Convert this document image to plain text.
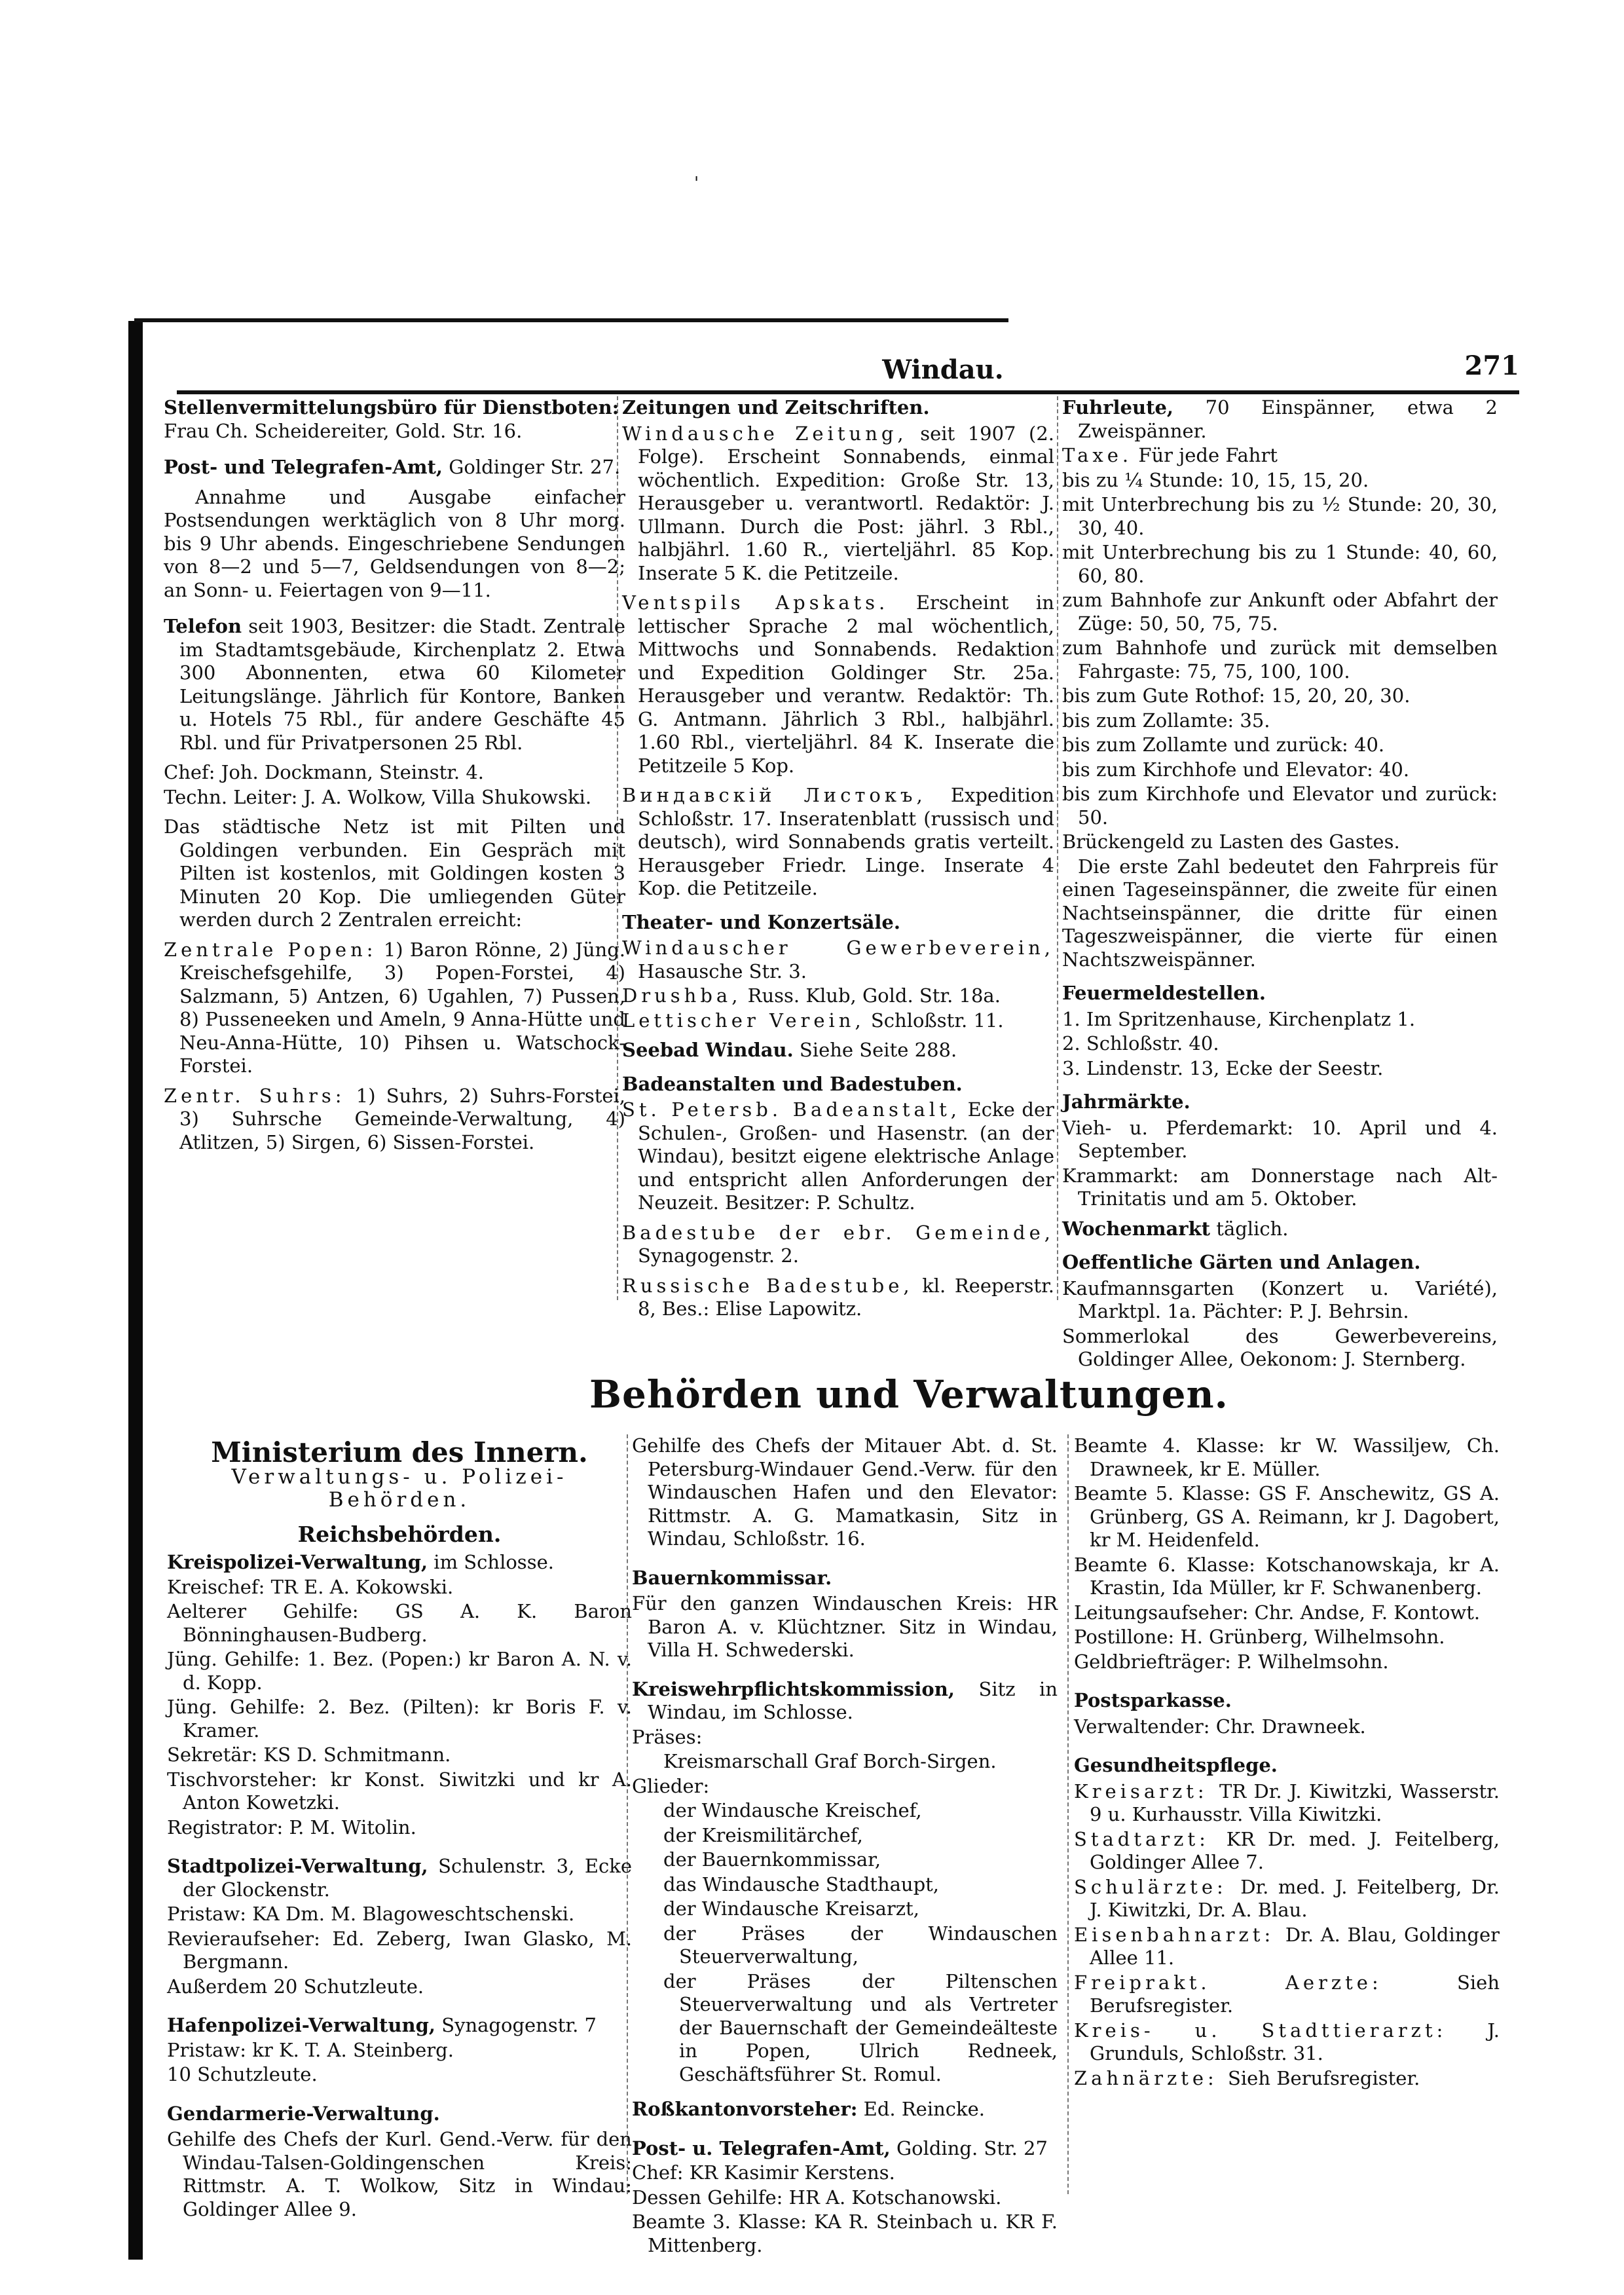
'
Windau.	271
Stellenvermittelungsbüro für Dienstboten:
Frau Ch. Scheidereiter, Gold. Str. 16.
Post- und Telegrafen-Amt, Goldinger Str. 27.
Annahme und Ausgabe einfacher Postsendungen werktäglich von 8 Uhr morg. bis 9 Uhr abends. Eingeschriebene Sendungen von 8—2 und 5—7, Geldsendungen von 8—2; an Sonn- u. Feiertagen von 9—11.
Telefon seit 1903, Besitzer: die Stadt. Zentrale im Stadtamtsgebäude, Kirchenplatz 2. Etwa 300 Abonnenten, etwa 60 Kilometer Leitungslänge. Jährlich für Kontore, Banken u. Hotels 75 Rbl., für andere Geschäfte 45 Rbl. und für Privatpersonen 25 Rbl.
Chef: Joh. Dockmann, Steinstr. 4.
Techn. Leiter: J. A. Wolkow, Villa Shukowski.
Das städtische Netz ist mit Pilten und Goldingen verbunden. Ein Gespräch mit Pilten ist kostenlos, mit Goldingen kosten 3 Minuten 20 Kop. Die umliegenden Güter werden durch 2 Zentralen erreicht:
Zentrale Popen: 1) Baron Rönne, 2) Jüng. Kreischefsgehilfe, 3) Popen-Forstei, 4) Salzmann, 5) Antzen, 6) Ugahlen, 7) Pussen, 8) Pusseneeken und Ameln, 9 Anna-Hütte und Neu-Anna-Hütte, 10) Pihsen u. Watschock-Forstei.
Zentr. Suhrs: 1) Suhrs, 2) Suhrs-Forstei, 3) Suhrsche Gemeinde-Verwaltung, 4) Atlitzen, 5) Sirgen, 6) Sissen-Forstei.
Zeitungen und Zeitschriften.
Windausche Zeitung, seit 1907 (2. Folge). Erscheint Sonnabends, einmal wöchentlich. Expedition: Große Str. 13, Herausgeber u. verantwortl. Redaktör: J. Ullmann. Durch die Post: jährl. 3 Rbl., halbjährl. 1.60 R., vierteljährl. 85 Kop. Inserate 5 K. die Petitzeile.
Ventspils Apskats. Erscheint in lettischer Sprache 2 mal wöchentlich, Mittwochs und Sonnabends. Redaktion und Expedition Goldinger Str. 25a. Herausgeber und verantw. Redaktör: Th. G. Antmann. Jährlich 3 Rbl., halbjährl. 1.60 Rbl., vierteljährl. 84 K. Inserate die Petitzeile 5 Kop.
Виндавскiй Листокъ, Expedition Schloßstr. 17. Inseratenblatt (russisch und deutsch), wird Sonnabends gratis verteilt. Herausgeber Friedr. Linge. Inserate 4 Kop. die Petitzeile.
Theater- und Konzertsäle.
Windauscher Gewerbeverein, Hasausche Str. 3.
Drushba, Russ. Klub, Gold. Str. 18a.
Lettischer Verein, Schloßstr. 11.
Seebad Windau. Siehe Seite 288.
Badeanstalten und Badestuben.
St. Petersb. Badeanstalt, Ecke der Schulen-, Großen- und Hasenstr. (an der Windau), besitzt eigene elektrische Anlage und entspricht allen Anforderungen der Neuzeit. Besitzer: P. Schultz.
Badestube der ebr. Gemeinde, Synagogenstr. 2.
Russische Badestube, kl. Reeperstr. 8, Bes.: Elise Lapowitz.
Fuhrleute, 70 Einspänner, etwa 2 Zweispänner.
Taxe. Für jede Fahrt
bis zu ¼ Stunde: 10, 15, 15, 20.
mit Unterbrechung bis zu ½ Stunde: 20, 30, 30, 40.
mit Unterbrechung bis zu 1 Stunde: 40, 60, 60, 80.
zum Bahnhofe zur Ankunft oder Abfahrt der Züge: 50, 50, 75, 75.
zum Bahnhofe und zurück mit demselben Fahrgaste: 75, 75, 100, 100.
bis zum Gute Rothof: 15, 20, 20, 30.
bis zum Zollamte: 35.
bis zum Zollamte und zurück: 40.
bis zum Kirchhofe und Elevator: 40.
bis zum Kirchhofe und Elevator und zurück: 50.
Brückengeld zu Lasten des Gastes.
Die erste Zahl bedeutet den Fahrpreis für einen Tageseinspänner, die zweite für einen Nachtseinspänner, die dritte für einen Tageszweispänner, die vierte für einen Nachtszweispänner.
Feuermeldestellen.
1. Im Spritzenhause, Kirchenplatz 1.
2. Schloßstr. 40.
3. Lindenstr. 13, Ecke der Seestr.
Jahrmärkte.
Vieh- u. Pferdemarkt: 10. April und 4. September.
Krammarkt: am Donnerstage nach Alt-Trinitatis und am 5. Oktober.
Wochenmarkt täglich.
Oeffentliche Gärten und Anlagen.
Kaufmannsgarten (Konzert u. Variété), Marktpl. 1a. Pächter: P. J. Behrsin.
Sommerlokal des Gewerbevereins, Goldinger Allee, Oekonom: J. Sternberg.
Behörden und Verwaltungen.
Ministerium des Innern.
Verwaltungs- u. Polizei-
Behörden.
Reichsbehörden.
Kreispolizei-Verwaltung, im Schlosse.
Kreischef: TR E. A. Kokowski.
Aelterer Gehilfe: GS A. K. Baron Bönninghausen-Budberg.
Jüng. Gehilfe: 1. Bez. (Popen:) kr Baron A. N. v. d. Kopp.
Jüng. Gehilfe: 2. Bez. (Pilten): kr Boris F. v. Kramer.
Sekretär: KS D. Schmitmann.
Tischvorsteher: kr Konst. Siwitzki und kr A. Anton Kowetzki.
Registrator: P. M. Witolin.
Stadtpolizei-Verwaltung, Schulenstr. 3, Ecke der Glockenstr.
Pristaw: KA Dm. M. Blagoweschtschenski.
Revieraufseher: Ed. Zeberg, Iwan Glasko, M. Bergmann.
Außerdem 20 Schutzleute.
Hafenpolizei-Verwaltung, Synagogenstr. 7
Pristaw: kr K. T. A. Steinberg.
10 Schutzleute.
Gendarmerie-Verwaltung.
Gehilfe des Chefs der Kurl. Gend.-Verw. für den Windau-Talsen-Goldingenschen Kreis: Rittmstr. A. T. Wolkow, Sitz in Windau: Goldinger Allee 9.
Gehilfe des Chefs der Mitauer Abt. d. St. Petersburg-Windauer Gend.-Verw. für den Windauschen Hafen und den Elevator: Rittmstr. A. G. Mamatkasin, Sitz in Windau, Schloßstr. 16.
Bauernkommissar.
Für den ganzen Windauschen Kreis: HR Baron A. v. Klüchtzner. Sitz in Windau, Villa H. Schwederski.
Kreiswehrpflichtskommission, Sitz in Windau, im Schlosse.
Präses:
Kreismarschall Graf Borch-Sirgen.
Glieder:
der Windausche Kreischef,
der Kreismilitärchef,
der Bauernkommissar,
das Windausche Stadthaupt,
der Windausche Kreisarzt,
der Präses der Windauschen Steuerverwaltung,
der Präses der Piltenschen Steuerverwaltung und als Vertreter der Bauernschaft der Gemeindeälteste in Popen, Ulrich Redneek, Geschäftsführer St. Romul.
Roßkantonvorsteher: Ed. Reincke.
Post- u. Telegrafen-Amt, Golding. Str. 27
Chef: KR Kasimir Kerstens.
Dessen Gehilfe: HR A. Kotschanowski.
Beamte 3. Klasse: KA R. Steinbach u. KR F. Mittenberg.
Beamte 4. Klasse: kr W. Wassiljew, Ch. Drawneek, kr E. Müller.
Beamte 5. Klasse: GS F. Anschewitz, GS A. Grünberg, GS A. Reimann, kr J. Dagobert, kr M. Heidenfeld.
Beamte 6. Klasse: Kotschanowskaja, kr A. Krastin, Ida Müller, kr F. Schwanenberg.
Leitungsaufseher: Chr. Andse, F. Kontowt.
Postillone: H. Grünberg, Wilhelmsohn.
Geldbriefträger: P. Wilhelmsohn.
Postsparkasse.
Verwaltender: Chr. Drawneek.
Gesundheitspflege.
Kreisarzt: TR Dr. J. Kiwitzki, Wasserstr. 9 u. Kurhausstr. Villa Kiwitzki.
Stadtarzt: KR Dr. med. J. Feitelberg, Goldinger Allee 7.
Schulärzte: Dr. med. J. Feitelberg, Dr. J. Kiwitzki, Dr. A. Blau.
Eisenbahnarzt: Dr. A. Blau, Goldinger Allee 11.
Freiprakt. Aerzte: Sieh Berufsregister.
Kreis- u. Stadttierarzt: J. Grunduls, Schloßstr. 31.
Zahnärzte: Sieh Berufsregister.
